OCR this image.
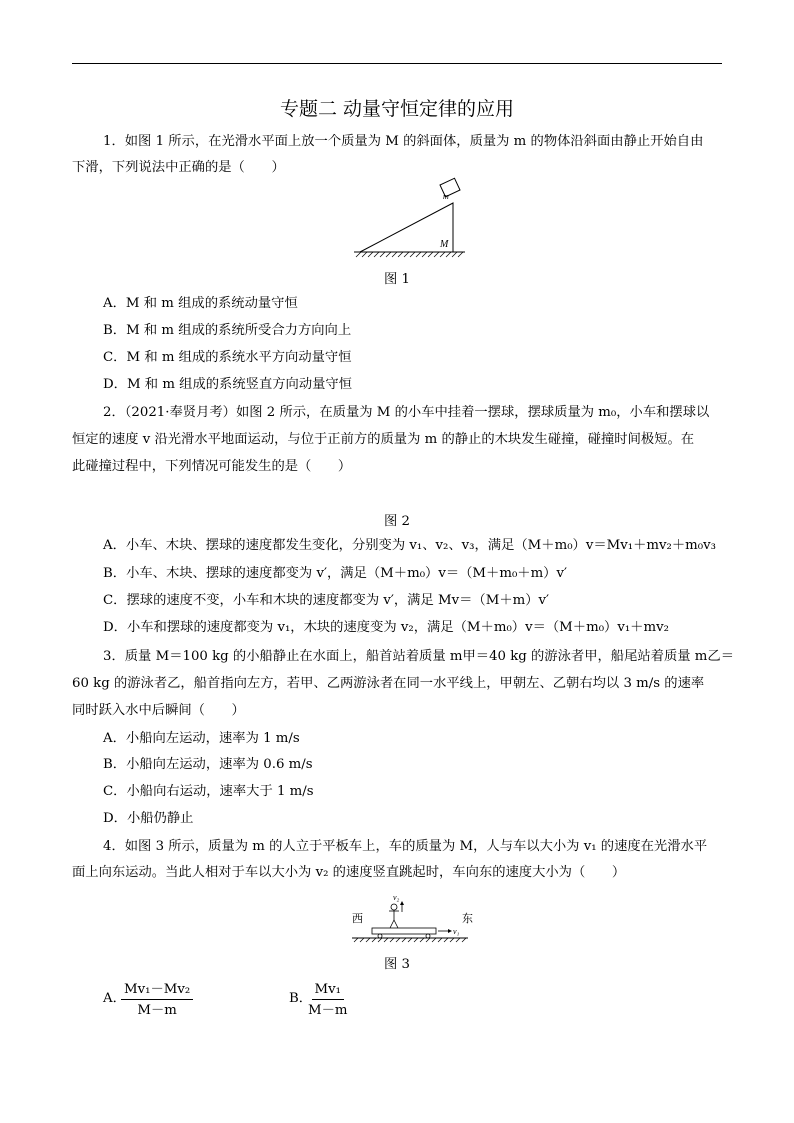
专题二 动量守恒定律的应用
1．如图 1 所示，在光滑水平面上放一个质量为 M 的斜面体，质量为 m 的物体沿斜面由静止开始自由
下滑，下列说法中正确的是（　　）
m
M
图 1
A．M 和 m 组成的系统动量守恒
B．M 和 m 组成的系统所受合力方向向上
C．M 和 m 组成的系统水平方向动量守恒
D．M 和 m 组成的系统竖直方向动量守恒
2．（2021·奉贤月考）如图 2 所示，在质量为 M 的小车中挂着一摆球，摆球质量为 m₀，小车和摆球以
恒定的速度 v 沿光滑水平地面运动，与位于正前方的质量为 m 的静止的木块发生碰撞，碰撞时间极短。在
此碰撞过程中，下列情况可能发生的是（　　）
图 2
A．小车、木块、摆球的速度都发生变化，分别变为 v₁、v₂、v₃，满足（M＋m₀）v＝Mv₁＋mv₂＋m₀v₃
B．小车、木块、摆球的速度都变为 v′，满足（M＋m₀）v＝（M＋m₀＋m）v′
C．摆球的速度不变，小车和木块的速度都变为 v′，满足 Mv＝（M＋m）v′
D．小车和摆球的速度都变为 v₁，木块的速度变为 v₂，满足（M＋m₀）v＝（M＋m₀）v₁＋mv₂
3．质量 M＝100 kg 的小船静止在水面上，船首站着质量 m甲＝40 kg 的游泳者甲，船尾站着质量 m乙＝
60 kg 的游泳者乙，船首指向左方，若甲、乙两游泳者在同一水平线上，甲朝左、乙朝右均以 3 m/s 的速率
同时跃入水中后瞬间（　　）
A．小船向左运动，速率为 1 m/s
B．小船向左运动，速率为 0.6 m/s
C．小船向右运动，速率大于 1 m/s
D．小船仍静止
4．如图 3 所示，质量为 m 的人立于平板车上，车的质量为 M，人与车以大小为 v₁ 的速度在光滑水平
面上向东运动。当此人相对于车以大小为 v₂ 的速度竖直跳起时，车向东的速度大小为（　　）
西	东
v₂
v₁
图 3
A．
$\frac{\text{Mv₁－Mv₂}}{M-m}$	B．
$\frac{\text{Mv₁}}{M-m}$
